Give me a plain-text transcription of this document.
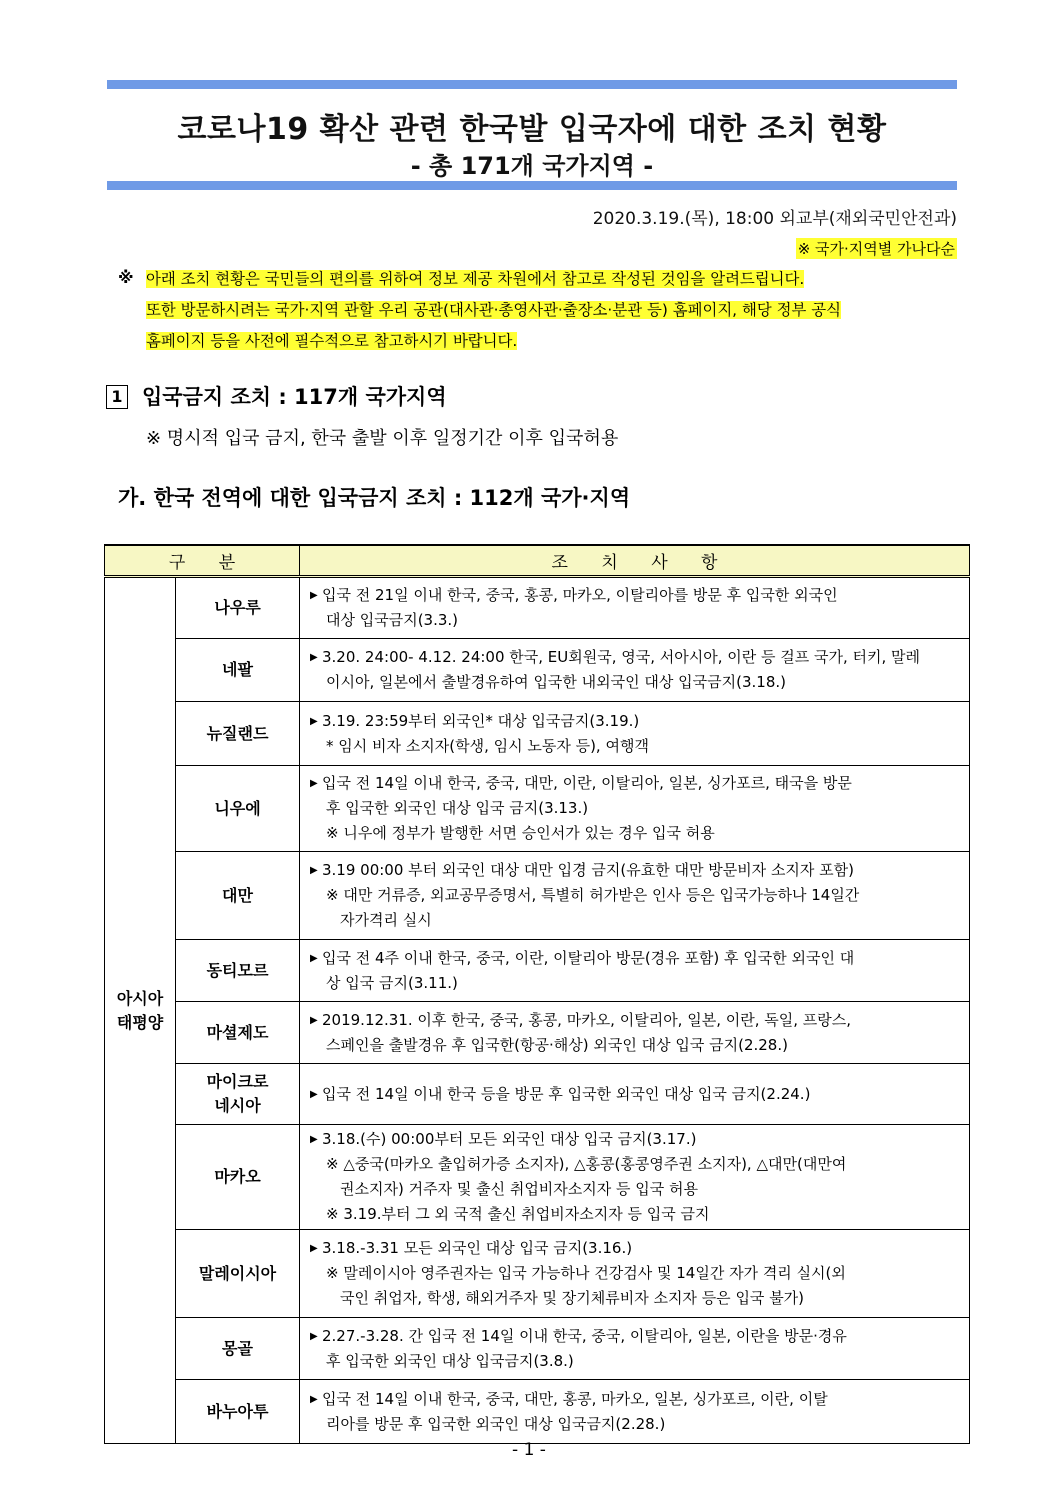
코로나19 확산 관련 한국발 입국자에 대한 조치 현황
- 총 171개 국가지역 -
2020.3.19.(목), 18:00 외교부(재외국민안전과)
※ 국가·지역별 가나다순
※ 아래 조치 현황은 국민들의 편의를 위하여 정보 제공 차원에서 참고로 작성된 것임을 알려드립니다.
또한 방문하시려는 국가·지역 관할 우리 공관(대사관·총영사관·출장소·분관 등) 홈페이지, 해당 정부 공식
홈페이지 등을 사전에 필수적으로 참고하시기 바랍니다.
1 입국금지 조치 : 117개 국가지역
※ 명시적 입국 금지, 한국 출발 이후 일정기간 이후 입국허용
가. 한국 전역에 대한 입국금지 조치 : 112개 국가·지역
구 분		조 치 사 항
아시아
태평양	나우루	▶ 입국 전 21일 이내 한국, 중국, 홍콩, 마카오, 이탈리아를 방문 후 입국한 외국인
대상 입국금지(3.3.)

	네팔	▶ 3.20. 24:00- 4.12. 24:00 한국, EU회원국, 영국, 서아시아, 이란 등 걸프 국가, 터키, 말레
이시아, 일본에서 출발경유하여 입국한 내외국인 대상 입국금지(3.18.)

	뉴질랜드	▶ 3.19. 23:59부터 외국인* 대상 입국금지(3.19.)
* 임시 비자 소지자(학생, 임시 노동자 등), 여행객

	니우에	▶ 입국 전 14일 이내 한국, 중국, 대만, 이란, 이탈리아, 일본, 싱가포르, 태국을 방문
후 입국한 외국인 대상 입국 금지(3.13.)
※ 니우에 정부가 발행한 서면 승인서가 있는 경우 입국 허용

	대만	▶ 3.19 00:00 부터 외국인 대상 대만 입경 금지(유효한 대만 방문비자 소지자 포함)
※ 대만 거류증, 외교공무증명서, 특별히 허가받은 인사 등은 입국가능하나 14일간
자가격리 실시

	동티모르	▶ 입국 전 4주 이내 한국, 중국, 이란, 이탈리아 방문(경유 포함) 후 입국한 외국인 대
상 입국 금지(3.11.)

	마셜제도	▶ 2019.12.31. 이후 한국, 중국, 홍콩, 마카오, 이탈리아, 일본, 이란, 독일, 프랑스,
스페인을 출발경유 후 입국한(항공·해상) 외국인 대상 입국 금지(2.28.)

	마이크로
네시아	▶ 입국 전 14일 이내 한국 등을 방문 후 입국한 외국인 대상 입국 금지(2.24.)

	마카오	▶ 3.18.(수) 00:00부터 모든 외국인 대상 입국 금지(3.17.)
※ △중국(마카오 출입허가증 소지자), △홍콩(홍콩영주권 소지자), △대만(대만여
권소지자) 거주자 및 출신 취업비자소지자 등 입국 허용
※ 3.19.부터 그 외 국적 출신 취업비자소지자 등 입국 금지

	말레이시아	▶ 3.18.-3.31 모든 외국인 대상 입국 금지(3.16.)
※ 말레이시아 영주권자는 입국 가능하나 건강검사 및 14일간 자가 격리 실시(외
국인 취업자, 학생, 해외거주자 및 장기체류비자 소지자 등은 입국 불가)

	몽골	▶ 2.27.-3.28. 간 입국 전 14일 이내 한국, 중국, 이탈리아, 일본, 이란을 방문·경유
후 입국한 외국인 대상 입국금지(3.8.)

	바누아투	▶ 입국 전 14일 이내 한국, 중국, 대만, 홍콩, 마카오, 일본, 싱가포르, 이란, 이탈
리아를 방문 후 입국한 외국인 대상 입국금지(2.28.)
- 1 -
